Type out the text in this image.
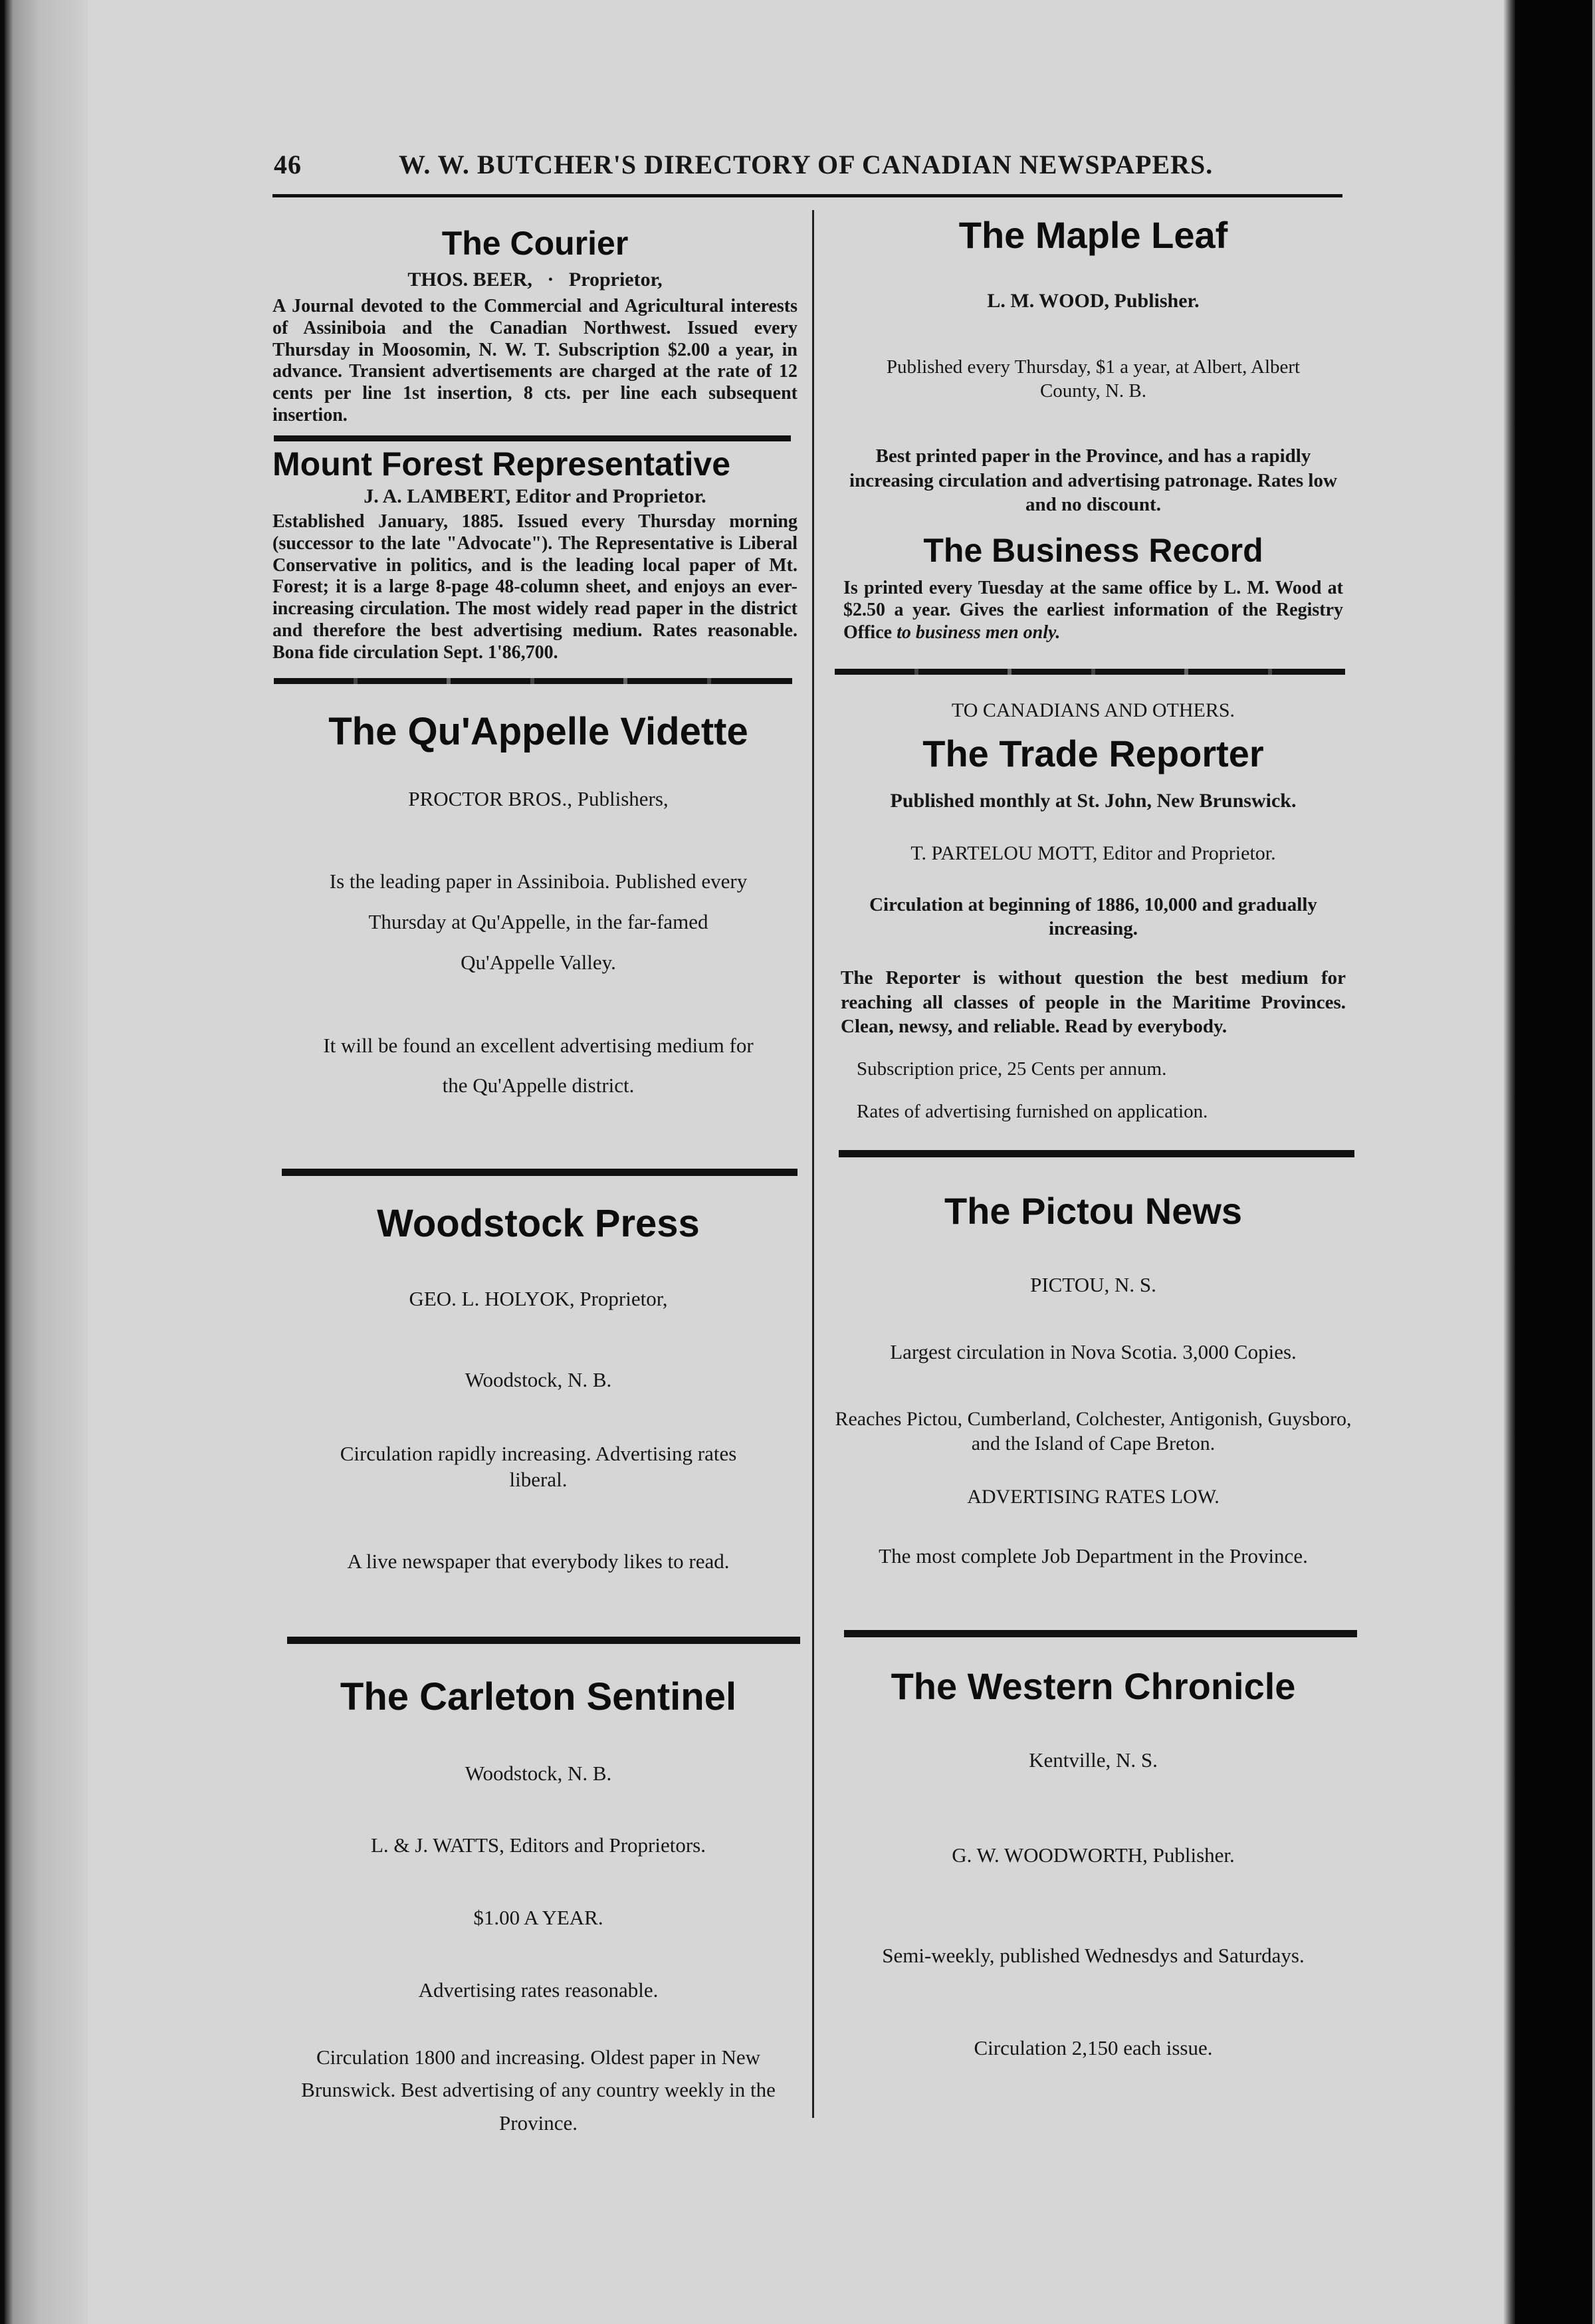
46	W. W. BUTCHER'S DIRECTORY OF CANADIAN NEWSPAPERS.
The Courier

THOS. BEER,   ·   Proprietor,

A Journal devoted to the Commercial and Agricultural interests of Assiniboia and the Canadian Northwest. Issued every Thursday in Moosomin, N. W. T. Subscription $2.00 a year, in advance. Transient advertisements are charged at the rate of 12 cents per line 1st insertion, 8 cts. per line each subsequent insertion.

Mount Forest Representative

J. A. LAMBERT, Editor and Proprietor.

Established January, 1885. Issued every Thursday morning (successor to the late "Advocate"). The Representative is Liberal Conservative in politics, and is the leading local paper of Mt. Forest; it is a large 8-page 48-column sheet, and enjoys an ever-increasing circulation. The most widely read paper in the district and therefore the best advertising medium. Rates reasonable. Bona fide circulation Sept. 1'86,700.

The Qu'Appelle Vidette

PROCTOR BROS., Publishers,

Is the leading paper in Assiniboia. Published every

Thursday at Qu'Appelle, in the far-famed

Qu'Appelle Valley.

It will be found an excellent advertising medium for

the Qu'Appelle district.

Woodstock Press

GEO. L. HOLYOK, Proprietor,

Woodstock, N. B.

Circulation rapidly increasing. Advertising rates liberal.

A live newspaper that everybody likes to read.

The Carleton Sentinel

Woodstock, N. B.

L. & J. WATTS, Editors and Proprietors.

$1.00 A YEAR.

Advertising rates reasonable.

Circulation 1800 and increasing. Oldest paper in New Brunswick. Best advertising of any country weekly in the Province.

The Maple Leaf

L. M. WOOD, Publisher.

Published every Thursday, $1 a year, at Albert, Albert County, N. B.

Best printed paper in the Province, and has a rapidly increasing circulation and advertising patronage. Rates low and no discount.

The Business Record

Is printed every Tuesday at the same office by L. M. Wood at $2.50 a year. Gives the earliest information of the Registry Office to business men only.

TO CANADIANS AND OTHERS.

The Trade Reporter

Published monthly at St. John, New Brunswick.

T. PARTELOU MOTT, Editor and Proprietor.

Circulation at beginning of 1886, 10,000 and gradually increasing.

The Reporter is without question the best medium for reaching all classes of people in the Maritime Provinces. Clean, newsy, and reliable. Read by everybody.

Subscription price, 25 Cents per annum.

Rates of advertising furnished on application.

The Pictou News

PICTOU, N. S.

Largest circulation in Nova Scotia. 3,000 Copies.

Reaches Pictou, Cumberland, Colchester, Antigonish, Guysboro, and the Island of Cape Breton.

ADVERTISING RATES LOW.

The most complete Job Department in the Province.

The Western Chronicle

Kentville, N. S.

G. W. WOODWORTH, Publisher.

Semi-weekly, published Wednesdys and Saturdays.

Circulation 2,150 each issue.
